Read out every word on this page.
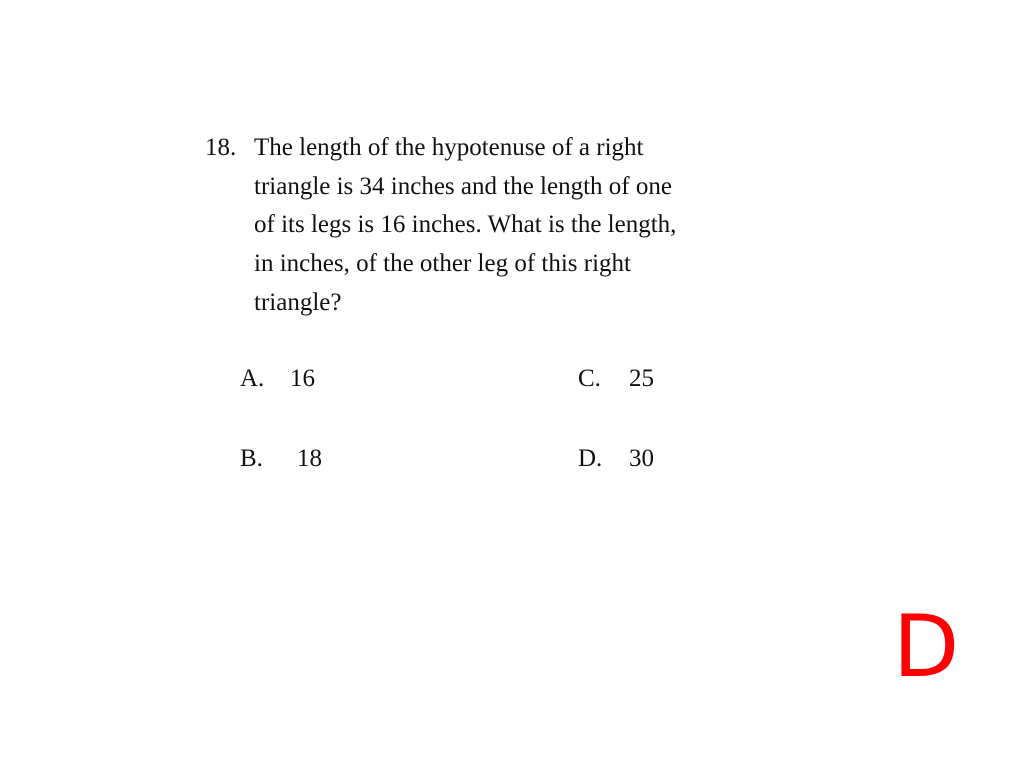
18. The length of the hypotenuse of a right
triangle is 34 inches and the length of one
of its legs is 16 inches. What is the length,
in inches, of the other leg of this right
triangle?
A. 16
B. 18
C. 25
D. 30
D
